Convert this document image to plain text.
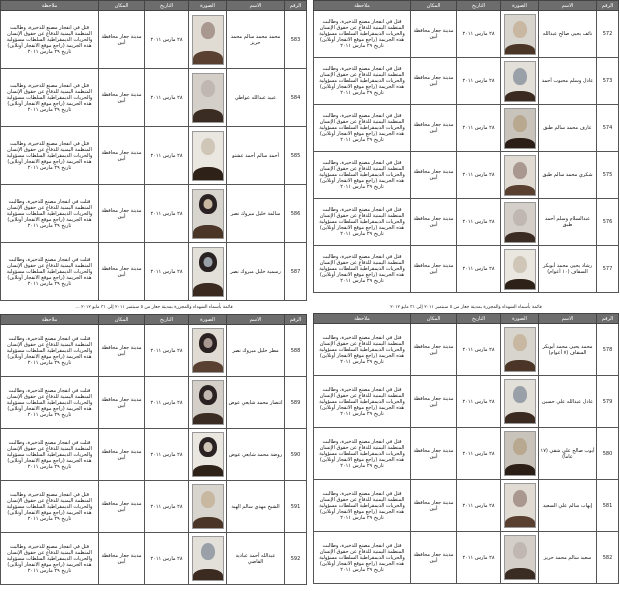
الرقم	الاسم	الصورة	التاريخ	المكان	ملاحظة
572	نائف يحيى صالح عبدالله		٢٨ مارس ٢٠١١	مدينة جعار محافظة أبين	قتل في انفجار مصنع للذخيرة، وطالبت المنظمة اليمنية للدفاع عن حقوق الإنسان والحريات الديمقراطية السلطات مسؤولية هذه الجريمة (راجع موقع الانفجار أونلاين) تاريخ ٢٩ مارس ٢٠١١
573	عادل وسلم محبوب أحمد		٢٨ مارس ٢٠١١	مدينة جعار محافظة أبين	قتل في انفجار مصنع للذخيرة، وطالبت المنظمة اليمنية للدفاع عن حقوق الإنسان والحريات الديمقراطية السلطات مسؤولية هذه الجريمة (راجع موقع الانفجار أونلاين) تاريخ ٢٩ مارس ٢٠١١
574	عارف محمد سالم طبق		٢٨ مارس ٢٠١١	مدينة جعار محافظة أبين	قتل في انفجار مصنع للذخيرة، وطالبت المنظمة اليمنية للدفاع عن حقوق الإنسان والحريات الديمقراطية السلطات مسؤولية هذه الجريمة (راجع موقع الانفجار أونلاين) تاريخ ٢٩ مارس ٢٠١١
575	شكري محمد سالم طبق		٢٨ مارس ٢٠١١	مدينة جعار محافظة أبين	قتل في انفجار مصنع للذخيرة، وطالبت المنظمة اليمنية للدفاع عن حقوق الإنسان والحريات الديمقراطية السلطات مسؤولية هذه الجريمة (راجع موقع الانفجار أونلاين) تاريخ ٢٩ مارس ٢٠١١
576	عبدالسلام وسلم أحمد طبق		٢٨ مارس ٢٠١١	مدينة جعار محافظة أبين	قتل في انفجار مصنع للذخيرة، وطالبت المنظمة اليمنية للدفاع عن حقوق الإنسان والحريات الديمقراطية السلطات مسؤولية هذه الجريمة (راجع موقع الانفجار أونلاين) تاريخ ٢٩ مارس ٢٠١١
577	رشاد يحيى محمد أبوبكر السقاف (١٠ أعوام)		٢٨ مارس ٢٠١١	مدينة جعار محافظة أبين	قتل في انفجار مصنع للذخيرة، وطالبت المنظمة اليمنية للدفاع عن حقوق الإنسان والحريات الديمقراطية السلطات مسؤولية هذه الجريمة (راجع موقع الانفجار أونلاين) تاريخ ٢٩ مارس ٢٠١١
الرقم	الاسم	الصورة	التاريخ	المكان	ملاحظة
583	محمد محمد سالم محمد حريز		٢٨ مارس ٢٠١١	مدينة جعار محافظة أبين	قتل في انفجار مصنع للذخيرة، وطالبت المنظمة اليمنية للدفاع عن حقوق الإنسان والحريات الديمقراطية السلطات مسؤولية هذه الجريمة (راجع موقع الانفجار أونلاين) تاريخ ٢٩ مارس ٢٠١١
584	عبيد عبدالله عواطي		٢٨ مارس ٢٠١١	مدينة جعار محافظة أبين	قتل في انفجار مصنع للذخيرة، وطالبت المنظمة اليمنية للدفاع عن حقوق الإنسان والحريات الديمقراطية السلطات مسؤولية هذه الجريمة (راجع موقع الانفجار أونلاين) تاريخ ٢٩ مارس ٢٠١١
585	أحمد سالم أحمد عشتو		٢٨ مارس ٢٠١١	مدينة جعار محافظة أبين	قتل في انفجار مصنع للذخيرة، وطالبت المنظمة اليمنية للدفاع عن حقوق الإنسان والحريات الديمقراطية السلطات مسؤولية هذه الجريمة (راجع موقع الانفجار أونلاين) تاريخ ٢٩ مارس ٢٠١١
586	سالمة خليل مبروك نصر		٢٨ مارس ٢٠١١	مدينة جعار محافظة أبين	قتلت في انفجار مصنع للذخيرة، وطالبت المنظمة اليمنية للدفاع عن حقوق الإنسان والحريات الديمقراطية السلطات مسؤولية هذه الجريمة (راجع موقع الانفجار أونلاين) تاريخ ٢٩ مارس ٢٠١١
587	رسمية خليل مبروك نصر		٢٨ مارس ٢٠١١	مدينة جعار محافظة أبين	قتلت في انفجار مصنع للذخيرة، وطالبت المنظمة اليمنية للدفاع عن حقوق الإنسان والحريات الديمقراطية السلطات مسؤولية هذه الجريمة (راجع موقع الانفجار أونلاين) تاريخ ٢٩ مارس ٢٠١١
قائمة بأسماء الشهداء والمجزرة بمدينة جعار من ٥ سبتمبر ٢٠١١ إلى ٣١ مايو ٢٠١٢ ...	قائمة بأسماء الشهداء والمجزرة بمدينة جعار من ٥ سبتمبر ٢٠١١ إلى ٣١ مايو ٢٠١٢
الرقم	الاسم	الصورة	التاريخ	المكان	ملاحظة
578	محمد يحيى محمد أبوبكر السقاف (٧ أعوام)		٢٨ مارس ٢٠١١	مدينة جعار محافظة أبين	قتل في انفجار مصنع للذخيرة، وطالبت المنظمة اليمنية للدفاع عن حقوق الإنسان والحريات الديمقراطية السلطات مسؤولية هذه الجريمة (راجع موقع الانفجار أونلاين) تاريخ ٢٩ مارس ٢٠١١
579	عادل عبدالله علي حسين		٢٨ مارس ٢٠١١	مدينة جعار محافظة أبين	قتل في انفجار مصنع للذخيرة، وطالبت المنظمة اليمنية للدفاع عن حقوق الإنسان والحريات الديمقراطية السلطات مسؤولية هذه الجريمة (راجع موقع الانفجار أونلاين) تاريخ ٢٩ مارس ٢٠١١
580	أيوب صالح علي شقي (١٧ عاماً)		٢٨ مارس ٢٠١١	مدينة جعار محافظة أبين	قتل في انفجار مصنع للذخيرة، وطالبت المنظمة اليمنية للدفاع عن حقوق الإنسان والحريات الديمقراطية السلطات مسؤولية هذه الجريمة (راجع موقع الانفجار أونلاين) تاريخ ٢٩ مارس ٢٠١١
581	إيهاب سالم علي السعيد		٢٨ مارس ٢٠١١	مدينة جعار محافظة أبين	قتل في انفجار مصنع للذخيرة، وطالبت المنظمة اليمنية للدفاع عن حقوق الإنسان والحريات الديمقراطية السلطات مسؤولية هذه الجريمة (راجع موقع الانفجار أونلاين) تاريخ ٢٩ مارس ٢٠١١
582	سعيد سالم محمد حريز		٢٨ مارس ٢٠١١	مدينة جعار محافظة أبين	قتل في انفجار مصنع للذخيرة، وطالبت المنظمة اليمنية للدفاع عن حقوق الإنسان والحريات الديمقراطية السلطات مسؤولية هذه الجريمة (راجع موقع الانفجار أونلاين) تاريخ ٢٩ مارس ٢٠١١
الرقم	الاسم	الصورة	التاريخ	المكان	ملاحظة
588	مطر خليل مبروك نصر		٢٨ مارس ٢٠١١	مدينة جعار محافظة أبين	قتلت في انفجار مصنع للذخيرة، وطالبت المنظمة اليمنية للدفاع عن حقوق الإنسان والحريات الديمقراطية السلطات مسؤولية هذه الجريمة (راجع موقع الانفجار أونلاين) تاريخ ٢٩ مارس ٢٠١١
589	انتصار محمد شايعي عوض		٢٨ مارس ٢٠١١	مدينة جعار محافظة أبين	قتلت في انفجار مصنع للذخيرة، وطالبت المنظمة اليمنية للدفاع عن حقوق الإنسان والحريات الديمقراطية السلطات مسؤولية هذه الجريمة (راجع موقع الانفجار أونلاين) تاريخ ٢٩ مارس ٢٠١١
590	روضة محمد شايعي عوض		٢٨ مارس ٢٠١١	مدينة جعار محافظة أبين	قتلت في انفجار مصنع للذخيرة، وطالبت المنظمة اليمنية للدفاع عن حقوق الإنسان والحريات الديمقراطية السلطات مسؤولية هذه الجريمة (راجع موقع الانفجار أونلاين) تاريخ ٢٩ مارس ٢٠١١
591	الشيخ مهدي سالم الهبة		٢٨ مارس ٢٠١١	مدينة جعار محافظة أبين	قتل في انفجار مصنع للذخيرة، وطالبت المنظمة اليمنية للدفاع عن حقوق الإنسان والحريات الديمقراطية السلطات مسؤولية هذه الجريمة (راجع موقع الانفجار أونلاين) تاريخ ٢٩ مارس ٢٠١١
592	عبدالله أحمد عبادية القاضي		٢٨ مارس ٢٠١١	مدينة جعار محافظة أبين	قتل في انفجار مصنع للذخيرة، وطالبت المنظمة اليمنية للدفاع عن حقوق الإنسان والحريات الديمقراطية السلطات مسؤولية هذه الجريمة (راجع موقع الانفجار أونلاين) تاريخ ٢٩ مارس ٢٠١١
